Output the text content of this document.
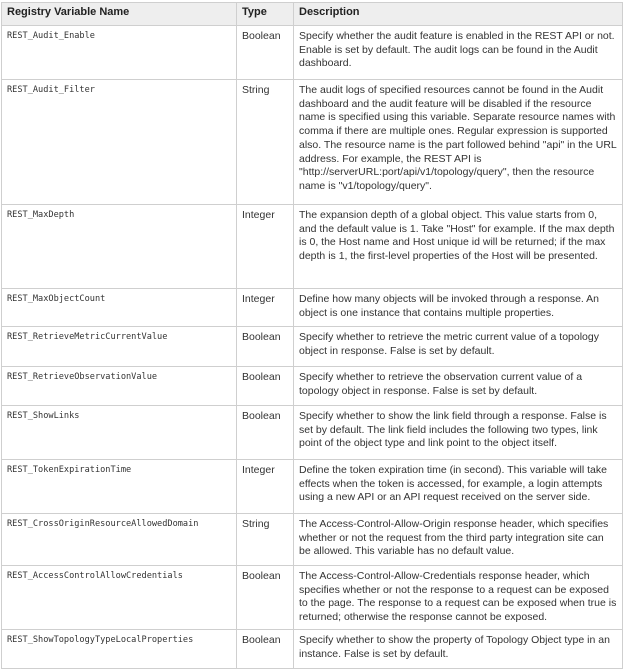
Registry Variable Name	Type	Description
REST_Audit_Enable	Boolean	Specify whether the audit feature is enabled in the REST API or not. Enable is set by default. The audit logs can be found in the Audit dashboard.
REST_Audit_Filter	String	The audit logs of specified resources cannot be found in the Audit dashboard and the audit feature will be disabled if the resource name is specified using this variable. Separate resource names with comma if there are multiple ones. Regular expression is supported also. The resource name is the part followed behind "api" in the URL address. For example, the REST API is "http://serverURL:port/api/v1/topology/query", then the resource name is "v1/topology/query".
REST_MaxDepth	Integer	The expansion depth of a global object. This value starts from 0, and the default value is 1. Take "Host" for example. If the max depth is 0, the Host name and Host unique id will be returned; if the max depth is 1, the first-level properties of the Host will be presented.
REST_MaxObjectCount	Integer	Define how many objects will be invoked through a response. An object is one instance that contains multiple properties.
REST_RetrieveMetricCurrentValue	Boolean	Specify whether to retrieve the metric current value of a topology object in response. False is set by default.
REST_RetrieveObservationValue	Boolean	Specify whether to retrieve the observation current value of a topology object in response. False is set by default.
REST_ShowLinks	Boolean	Specify whether to show the link field through a response. False is set by default. The link field includes the following two types, link point of the object type and link point to the object itself.
REST_TokenExpirationTime	Integer	Define the token expiration time (in second). This variable will take effects when the token is accessed, for example, a login attempts using a new API or an API request received on the server side.
REST_CrossOriginResourceAllowedDomain	String	The Access-Control-Allow-Origin response header, which specifies whether or not the request from the third party integration site can be allowed. This variable has no default value.
REST_AccessControlAllowCredentials	Boolean	The Access-Control-Allow-Credentials response header, which specifies whether or not the response to a request can be exposed to the page. The response to a request can be exposed when true is returned; otherwise the response cannot be exposed.
REST_ShowTopologyTypeLocalProperties	Boolean	Specify whether to show the property of Topology Object type in an instance. False is set by default.
